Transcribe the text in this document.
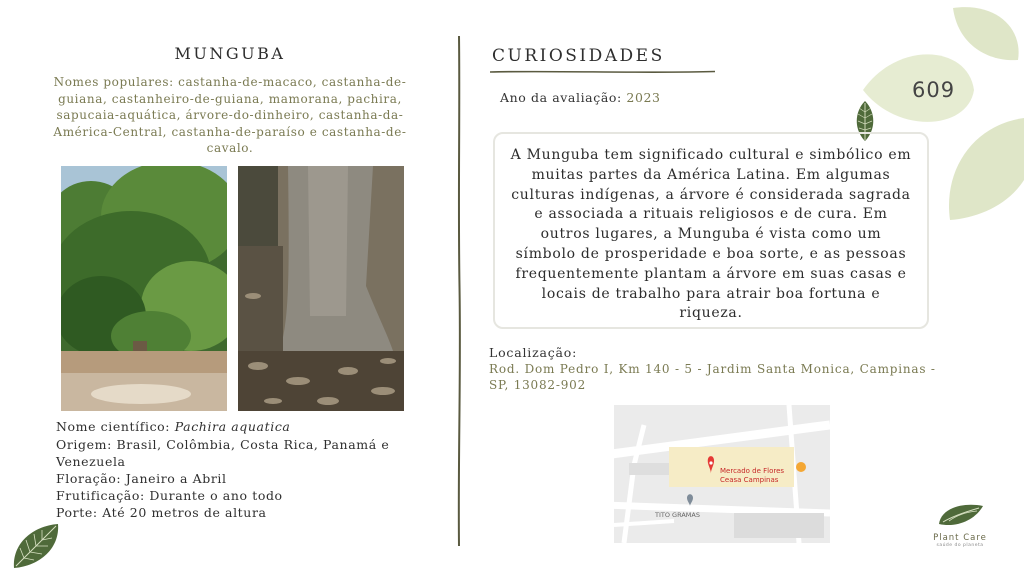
MUNGUBA
Nomes populares: castanha-de-macaco, castanha-de-guiana, castanheiro-de-guiana, mamorana, pachira, sapucaia-aquática, árvore-do-dinheiro, castanha-da-América-Central, castanha-de-paraíso e castanha-de-cavalo.
Nome científico: Pachira aquatica
Origem: Brasil, Colômbia, Costa Rica, Panamá e Venezuela
Floração: Janeiro a Abril
Frutificação: Durante o ano todo
Porte: Até 20 metros de altura
CURIOSIDADES
Ano da avaliação: 2023	609
A Munguba tem significado cultural e simbólico em muitas partes da América Latina. Em algumas culturas indígenas, a árvore é considerada sagrada e associada a rituais religiosos e de cura. Em outros lugares, a Munguba é vista como um símbolo de prosperidade e boa sorte, e as pessoas frequentemente plantam a árvore em suas casas e locais de trabalho para atrair boa fortuna e riqueza.
Localização:
Rod. Dom Pedro I, Km 140 - 5 - Jardim Santa Monica, Campinas - SP, 13082-902
Mercado de Flores
Ceasa Campinas
TITO GRAMAS
Plant Care
saúde do planeta
